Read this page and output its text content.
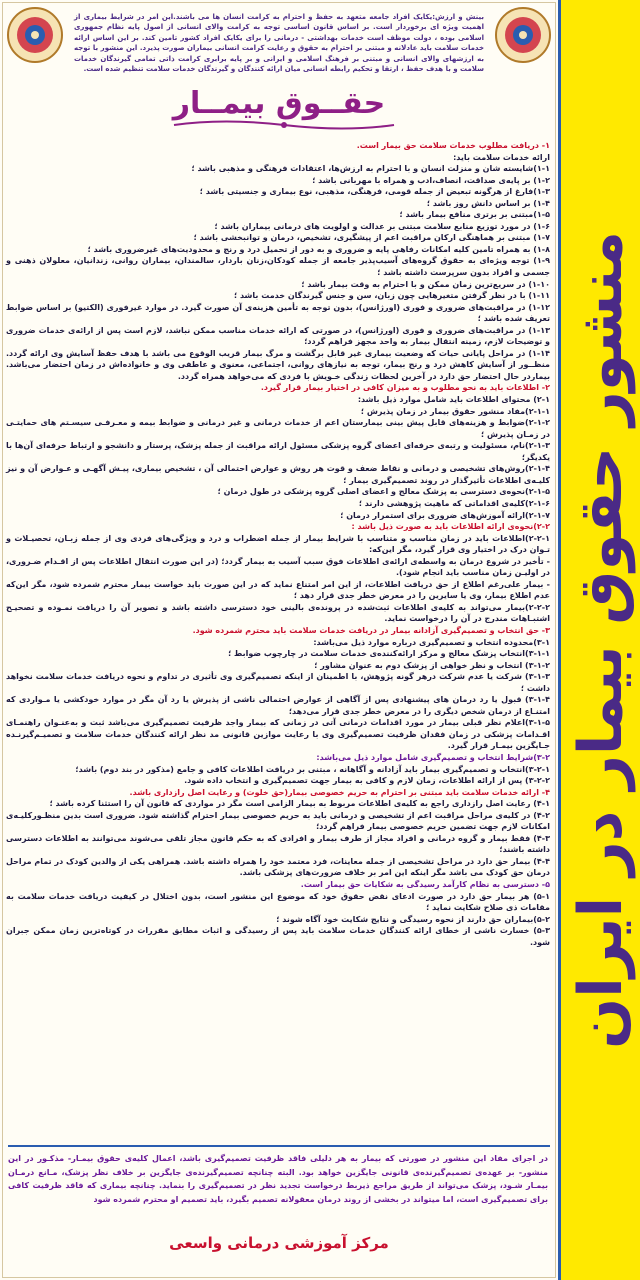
منشور حقوق بیمار در ایران
بینش و ارزش:یکایک افراد جامعه متعهد به حفظ و احترام به کرامت انسان ها می باشند.این امر در شرایط بیماری از اهمیت ویژه ای برخوردار است. بر اساس قانون اساسی توجه به کرامت والای انسانی از اصول پایه نظام جمهوری اسلامی بوده ، دولت موظف است خدمات بهداشتی - درمانی را برای یکایک افراد کشور تامین کند. بر این اساس ارائه خدمات سلامت باید عادلانه و مبتنی بر احترام به حقوق و رعایت کرامت انسانی بیماران صورت پذیرد. این منشور با توجه به ارزشهای والای انسانی و مبتنی بر فرهنگ اسلامی و ایرانی و بر پایه برابری کرامت ذاتی تمامی گیرندگان خدمات سلامت و با هدف حفظ ، ارتقا و تحکیم رابطه انسانی میان ارائه کنندگان و گیرندگان خدمات سلامت تنظیم شده است.
حقــوق بیمــار

۱- دریافت مطلوب خدمات سلامت حق بیمار است.

ارائه خدمات سلامت باید:

۱-۱)شایسته شان و منزلت انسان و با احترام به ارزش‌ها، اعتقادات فرهنگی و مذهبی باشد ؛

۱-۲) بر پایه‌ی صداقت، انصاف،ادب و همراه با مهربانی باشد ؛

۱-۳)فارغ از هرگونه تبعیض از جمله قومی، فرهنگی، مذهبی، نوع بیماری و جنسیتی باشد ؛

۱-۴) بر اساس دانش روز باشد ؛

۱-۵)مبتنی بر برتری منافع بیمار باشد ؛

۱-۶) در مورد توزیع منابع سلامت مبتنی بر عدالت و اولویت های درمانی بیماران باشد ؛

۱-۷) مبتنی بر هماهنگی ارکان مراقبت اعم از پیشگیری، تشخیص، درمان و توانبخشی باشد ؛

۱-۸) به همراه تامین کلیه امکانات رفاهی پایه و ضروری و به دور از تحمیل درد و رنج و محدودیت‌های غیرضروری باشد ؛

۱-۹) توجه ویژه‌ای به حقوق گروه‌های آسیب‌پذیر جامعه از جمله کودکان،زنان باردار، سالمندان، بیماران روانی، زندانیان، معلولان ذهنی و جسمی و افراد بدون سرپرست داشته باشد ؛

۱-۱۰) در سریع‌ترین زمان ممکن و با احترام به وقت بیمار باشد ؛

۱-۱۱) با در نظر گرفتن متغیرهایی چون زبان، سن و جنس گیرندگان خدمت باشد ؛

۱-۱۲) در مراقبت‌های ضروری و فوری (اورژانس)، بدون توجه به تأمین هزینه‌ی آن صورت گیرد. در موارد غیرفوری (الکتیو) بر اساس ضوابط تعریف شده باشد ؛

۱-۱۳) در مراقبت‌های ضروری و فوری (اورژانس)، در صورتی که ارائه خدمات مناسب ممکن نباشد، لازم است پس از ارائه‌ی خدمات ضروری و توضیحات لازم، زمینه انتقال بیمار به واحد مجهز فراهم گردد؛

۱-۱۴) در مراحل پایانی حیات که وضعیت بیماری غیر قابل برگشت و مرگ بیمار قریب الوقوع می باشد با هدف حفظ آسایش وی ارائه گردد. منظــور از آسایش کاهش درد و رنج بیمار، توجه به نیازهای روانی، اجتماعی، معنوی و عاطفی وی و خانواده‌اش در زمان احتضار می‌باشد. بیماردر حال احتضار حق دارد در آخرین لحظات زندگی خـویش با فردی که می‌خواهد همراه گردد.

۲- اطلاعات باید به نحو مطلوب و به میزان کافی در اختیار بیمار قرار گیرد.

۲-۱) محتوای اطلاعات باید شامل موارد ذیل باشد:

۲-۱-۱)مفاد منشور حقوق بیمار در زمان پذیرش ؛

۲-۱-۲)ضوابط و هزینه‌های قابل پیش بینی بیمارستان اعم از خدمات درمانی و غیر درمانی و ضوابط بیمه و معـرفـی سیسـتم های حمایتـی در زمـان پذیرش ؛

۲-۱-۳)نام، مسئولیت و رتبه‌ی حرفه‌ای اعضای گروه پزشکی مسئول ارائه مراقبت از جمله پزشک، پرستار و دانشجو و ارتباط حرفه‌ای آن‌ها با یکدیگر؛

۲-۱-۴)روش‌های تشخیصی و درمانی و نقاط ضعف و قوت هر روش و عوارض احتمالی آن ، تشخیص بیماری، پیـش آگهـی و عـوارض آن و نیز کلیـه‌ی اطلاعات تأثیرگذار در روند تصمیم‌گیری بیمار ؛

۲-۱-۵)نحوه‌ی دسترسی به پزشک معالج و اعضای اصلی گروه پزشکی در طول درمان ؛

۲-۱-۶)کلیه‌ی اقداماتی که ماهیت پژوهشی دارند ؛

۲-۱-۷)ارائه آموزش‌های ضروری برای استمرار درمان ؛

۲-۲)نحوه‌ی ارائه اطلاعات باید به صورت ذیل باشد :

۲-۲-۱)اطلاعات باید در زمان مناسب و متناسب با شرایط بیمار از جمله اضطراب و درد و ویژگی‌های فردی وی از جمله زبـان، تحصیـلات و تـوان درک در اختیار وی قرار گیرد، مگر این‌که:

- تأخیر در شروع درمان به واسطه‌ی ارائه‌ی اطلاعات فوق سبب آسیب به بیمار گردد؛ (در این صورت انتقال اطلاعات پس از اقـدام ضـروری، در اولیـن زمان مناسب باید انجام شود).

- بیمار علی‌رغم اطلاع از حق دریافت اطلاعات، از این امر امتناع نماید که در این صورت باید خواست بیمار محترم شمرده شود، مگر این‌که عدم اطلاع بیمار، وی یا سایرین را در معرض خطر جدی قرار دهد ؛

۲-۲-۲)بیمار می‌تواند به کلیه‌ی اطلاعات ثبت‌شده در پرونده‌ی بالینی خود دسترسی داشته باشد و تصویر آن را دریافت نمـوده و تصحیـح اشتبـاهات مندرج در آن را درخواست نماید.

۳- حق انتخاب و تصمیم‌گیری آزادانه بیمار در دریافت خدمات سلامت باید محترم شمرده شود.

۳-۱)محدوده انتخاب و تصمیم‌گیری درباره موارد ذیل می‌باشد:

۳-۱-۱)انتخاب پزشک معالج و مرکز ارائه‌کننده‌ی خدمات سلامت در چارچوب ضوابط ؛

۳-۱-۲) انتخاب و نظر خواهی از پزشک دوم به عنوان مشاور ؛

۳-۱-۳) شرکت یا عدم شرکت درهر گونه پژوهش، با اطمینان از اینکه تصمیم‌گیری وی تأثیری در تداوم و نحوه دریافت خدمات سلامت نخواهد داشت ؛

۳-۱-۴) قبول یا رد درمان های پیشنهادی پس از آگاهی از عوارض احتمالی ناشی از پذیرش یا رد آن مگر در موارد خودکشی یا مـواردی که امتنـاع از درمان شخص دیگری را در معرض خطر جدی قرار می‌دهد؛

۳-۱-۵)اعلام نظر قبلی بیمار در مورد اقدامات درمانی آتی در زمانی که بیمار واجد ظرفیت تصمیم‌گیری می‌باشد ثبت و به‌عنـوان راهنمـای اقـدامات پزشکی در زمان فقدان ظرفیت تصمیم‌گیری وی با رعایت موازین قانونی مد نظر ارائه کنندگان خدمات سلامت و تصمیـم‌گیرنـده جـایگزین بیمـار قرار گیرد.

۳-۲)شرایط انتخاب و تصمیم‌گیری شامل موارد ذیل می‌باشد:

۳-۲-۱)انتخاب و تصمیم‌گیری بیمار باید آزادانه و آگاهانه ، مبتنی بر دریافت اطلاعات کافی و جامع (مذکور در بند دوم) باشد؛

۳-۲-۲) پس از ارائه اطلاعات، زمان لازم و کافی به بیمار جهت تصمیم‌گیری و انتخاب داده شود.

۴- ارائه خدمات سلامت باید مبتنی بر احترام به حریم خصوصی بیمار(حق خلوت) و رعایت اصل رازداری باشد.

۴-۱) رعایت اصل رازداری راجع به کلیه‌ی اطلاعات مربوط به بیمار الزامی است مگر در مواردی که قانون آن را استثنا کرده باشد ؛

۴-۲) در کلیه‌ی مراحل مراقبت اعم از تشخیصی و درمانی باید به حریم خصوصی بیمار احترام گذاشته شود. ضروری است بدین منظـورکلیـه‌ی امکانات لازم جهت تضمین حریم خصوصی بیمار فراهم گردد؛

۴-۳) فقط بیمار و گروه درمانی و افراد مجاز از طرف بیمار و افرادی که به حکم قانون مجاز تلقی می‌شوند می‌توانند به اطلاعات دسترسی داشته باشند؛

۴-۴) بیمار حق دارد در مراحل تشخیصی از جمله معاینات، فرد معتمد خود را همراه داشته باشد. همراهی یکی از والدین کودک در تمام مراحل درمان حق کودک می باشد مگر اینکه این امر بر خلاف ضرورت‌های پزشکی باشد.

۵- دسترسی به نظام کارآمد رسیدگی به شکایات حق بیمار است.

۵-۱) هر بیمار حق دارد در صورت ادعای نقض حقوق خود که موضوع این منشور است، بدون اختلال در کیفیت دریافت خدمات سلامت به مقامات ذی صلاح شکایت نماید ؛

۵-۲)بیماران حق دارند از نحوه رسیدگی و نتایج شکایت خود آگاه شوند ؛

۵-۳) خسارت ناشی از خطای ارائه کنندگان خدمات سلامت باید پس از رسیدگی و اثبات مطابق مقررات در کوتاه‌ترین زمان ممکن جبران شود.

در اجرای مفاد این منشور در صورتی که بیمار به هر دلیلی فاقد ظرفیت تصمیم‌گیری باشد، اعمال کلیه‌ی حقوق بیمـار- مذکـور در این منشور- بر عهده‌ی تصمیم‌گیرنده‌ی قانونی جایگزین خواهد بود. البته چنانچه تصمیم‌گیرنده‌ی جایگزین بر خلاف نظر پزشک، مـانع درمـان بیمـار شـود، پزشک می‌تواند از طریق مراجع ذیربط درخواست تجدید نظر در تصمیم‌گیری را بنماید. چنانچه بیماری که فاقد ظرفیت کافی برای تصمیم‌گیری است، اما میتواند در بخشی از روند درمان معقولانه تصمیم بگیرد، باید تصمیم او محترم شمرده شود
مرکز آموزشی درمانی واسعی
